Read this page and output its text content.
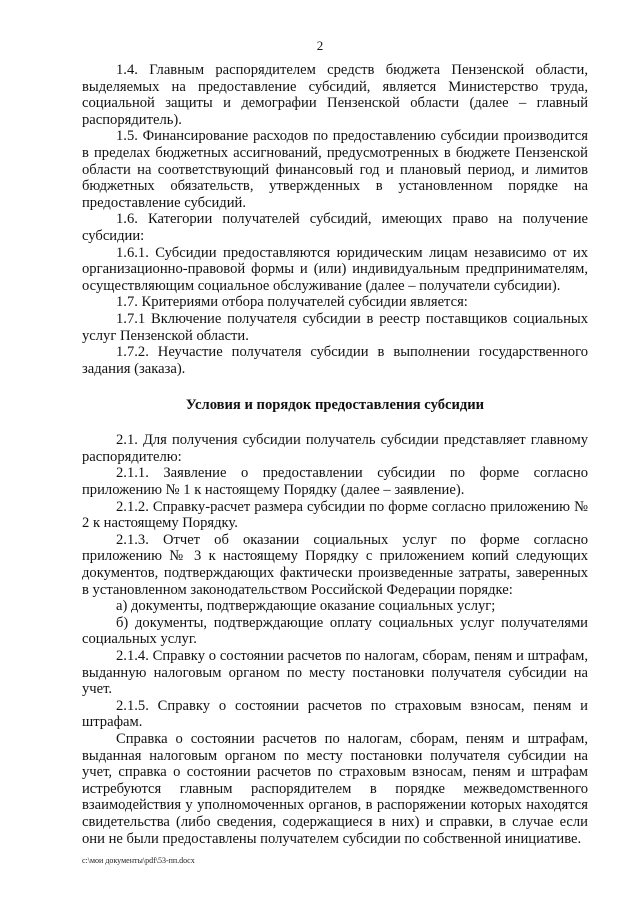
2

1.4. Главным распорядителем средств бюджета Пензенской области, выделяемых на предоставление субсидий, является Министерство труда, социальной защиты и демографии Пензенской области (далее – главный распорядитель).

1.5. Финансирование расходов по предоставлению субсидии производится в пределах бюджетных ассигнований, предусмотренных в бюджете Пензенской области на соответствующий финансовый год и плановый период, и лимитов бюджетных обязательств, утвержденных в установленном порядке на предоставление субсидий.

1.6. Категории получателей субсидий, имеющих право на получение субсидии:

1.6.1. Субсидии предоставляются юридическим лицам независимо от их организационно-правовой формы и (или) индивидуальным предпринимателям, осуществляющим социальное обслуживание (далее – получатели субсидии).

1.7. Критериями отбора получателей субсидии является:

1.7.1 Включение получателя субсидии в реестр поставщиков социальных услуг Пензенской области.

1.7.2. Неучастие получателя субсидии в выполнении государственного задания (заказа).

Условия и порядок предоставления субсидии

2.1. Для получения субсидии получатель субсидии представляет главному распорядителю:

2.1.1. Заявление о предоставлении субсидии по форме согласно приложению № 1 к настоящему Порядку (далее – заявление).

2.1.2. Справку-расчет размера субсидии по форме согласно приложению № 2 к настоящему Порядку.

2.1.3. Отчет об оказании социальных услуг по форме согласно приложению № 3 к настоящему Порядку с приложением копий следующих документов, подтверждающих фактически произведенные затраты, заверенных в установленном законодательством Российской Федерации порядке:

а) документы, подтверждающие оказание социальных услуг;

б) документы, подтверждающие оплату социальных услуг получателями социальных услуг.

2.1.4. Справку о состоянии расчетов по налогам, сборам, пеням и штрафам, выданную налоговым органом по месту постановки получателя субсидии на учет.

2.1.5. Справку о состоянии расчетов по страховым взносам, пеням и штрафам.

Справка о состоянии расчетов по налогам, сборам, пеням и штрафам, выданная налоговым органом по месту постановки получателя субсидии на учет, справка о состоянии расчетов по страховым взносам, пеням и штрафам истребуются главным распорядителем в порядке межведомственного взаимодействия у уполномоченных органов, в распоряжении которых находятся свидетельства (либо сведения, содержащиеся в них) и справки, в случае если они не были предоставлены получателем субсидии по собственной инициативе.

c:\мои документы\pdf\53-пп.docx
